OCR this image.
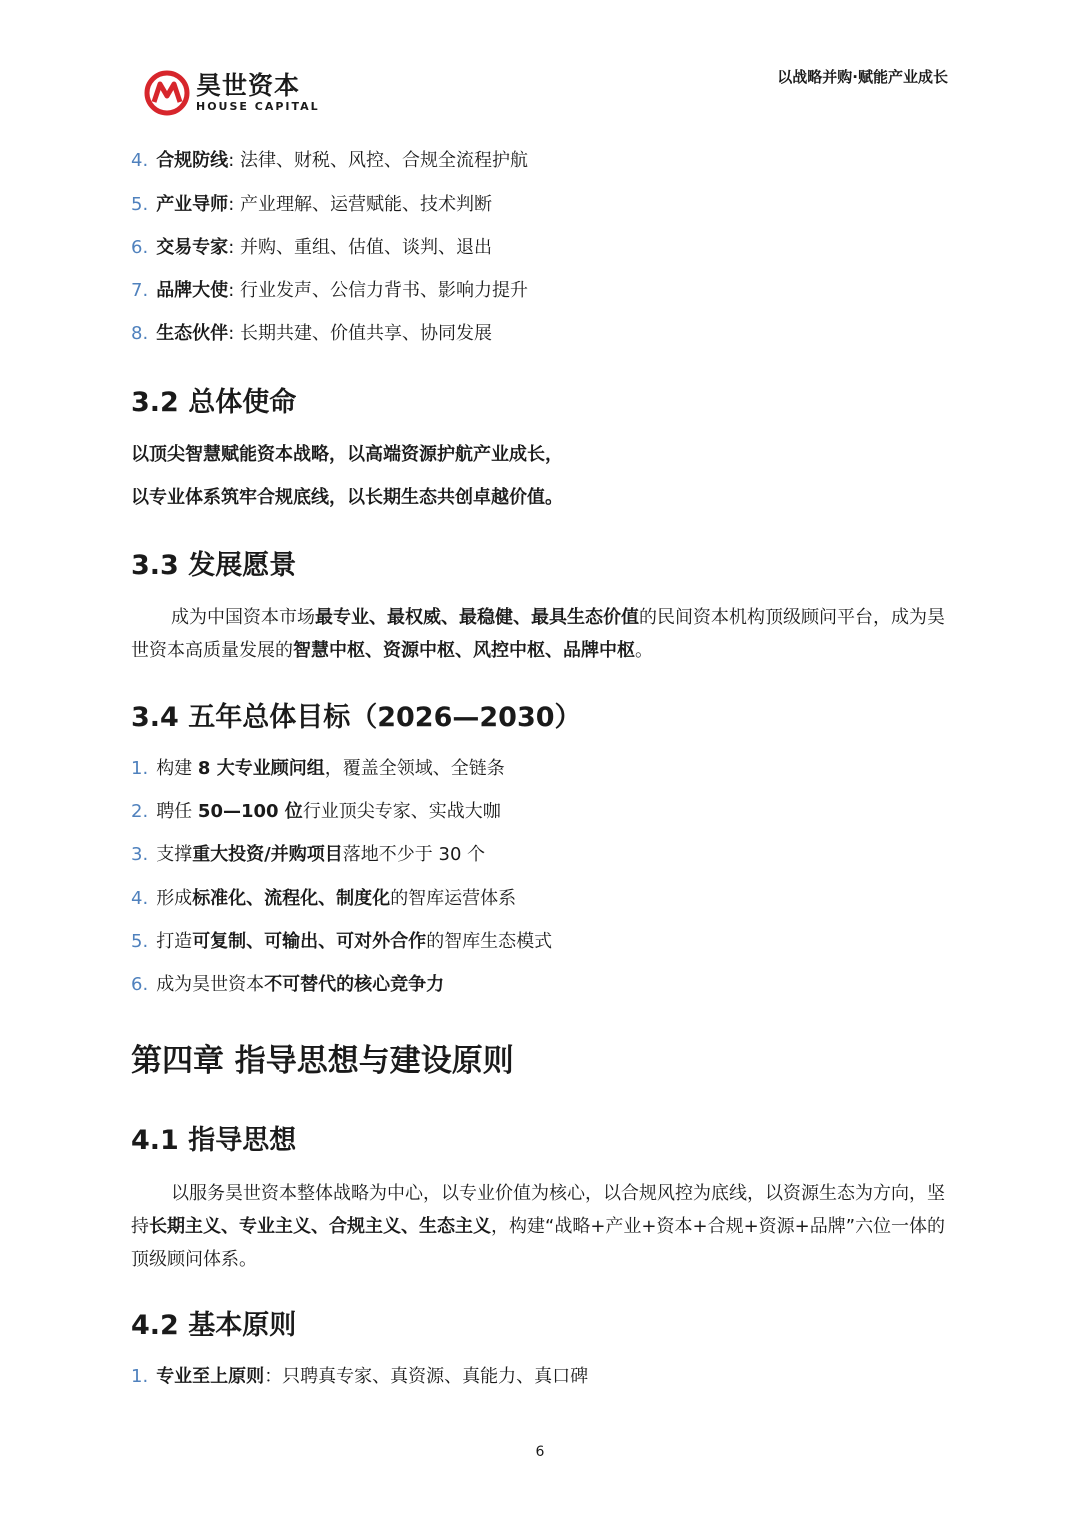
昊世资本
HOUSE CAPITAL
以战略并购·赋能产业成长
4. 合规防线: 法律、财税、风控、合规全流程护航
5. 产业导师: 产业理解、运营赋能、技术判断
6. 交易专家: 并购、重组、估值、谈判、退出
7. 品牌大使: 行业发声、公信力背书、影响力提升
8. 生态伙伴: 长期共建、价值共享、协同发展
3.2 总体使命
以顶尖智慧赋能资本战略，以高端资源护航产业成长，
以专业体系筑牢合规底线，以长期生态共创卓越价值。
3.3 发展愿景
成为中国资本市场最专业、最权威、最稳健、最具生态价值的民间资本机构顶级顾问平台，成为昊世资本高质量发展的智慧中枢、资源中枢、风控中枢、品牌中枢。
3.4 五年总体目标（2026—2030）
1. 构建 8 大专业顾问组，覆盖全领域、全链条
2. 聘任 50—100 位行业顶尖专家、实战大咖
3. 支撑重大投资/并购项目落地不少于 30 个
4. 形成标准化、流程化、制度化的智库运营体系
5. 打造可复制、可输出、可对外合作的智库生态模式
6. 成为昊世资本不可替代的核心竞争力
第四章 指导思想与建设原则
4.1 指导思想
以服务昊世资本整体战略为中心，以专业价值为核心，以合规风控为底线，以资源生态为方向，坚持长期主义、专业主义、合规主义、生态主义，构建“战略+产业+资本+合规+资源+品牌”六位一体的顶级顾问体系。
4.2 基本原则
1. 专业至上原则：只聘真专家、真资源、真能力、真口碑
6
